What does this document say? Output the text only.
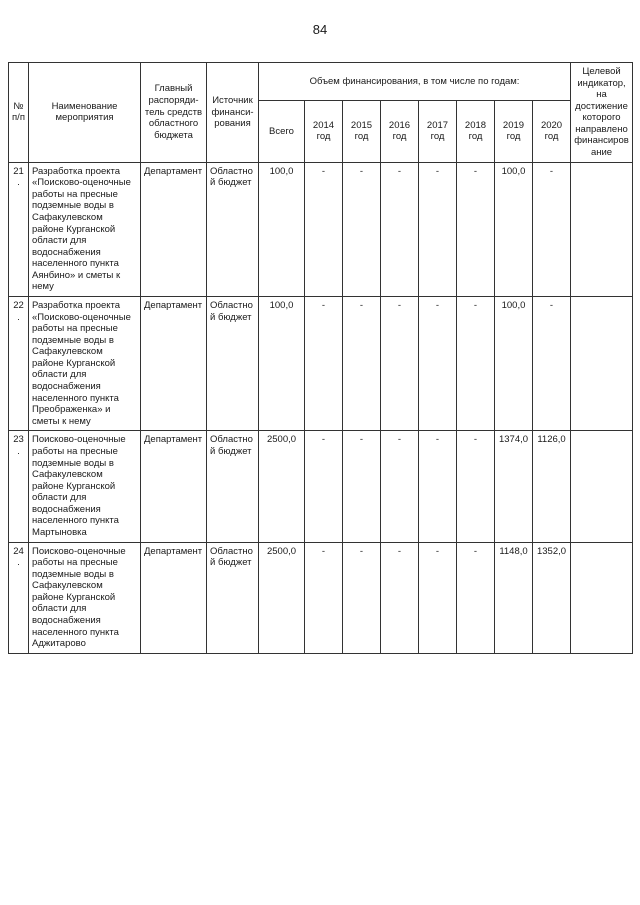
84
№ п/п	Наименование мероприятия	Главный распоряди-тель средств областного бюджета	Источник финанси-рования	Объем финансирования, в том числе по годам:								Целевой индикатор, на достижение которого направлено финансирование
				Всего	2014 год	2015 год	2016 год	2017 год	2018 год	2019 год	2020 год	
21.	Разработка проекта «Поисково-оценочные работы на пресные подземные воды в Сафакулевском районе Курганской области для водоснабжения населенного пункта Аянбино» и сметы к нему	Департамент	Областной бюджет	100,0	-	-	-	-	-	100,0	-	
22.	Разработка проекта «Поисково-оценочные работы на пресные подземные воды в Сафакулевском районе Курганской области для водоснабжения населенного пункта Преображенка» и сметы к нему	Департамент	Областной бюджет	100,0	-	-	-	-	-	100,0	-	
23.	Поисково-оценочные работы на пресные подземные воды в Сафакулевском районе Курганской области для водоснабжения населенного пункта Мартыновка	Департамент	Областной бюджет	2500,0	-	-	-	-	-	1374,0	1126,0	
24.	Поисково-оценочные работы на пресные подземные воды в Сафакулевском районе Курганской области для водоснабжения населенного пункта Аджитарово	Департамент	Областной бюджет	2500,0	-	-	-	-	-	1148,0	1352,0	
